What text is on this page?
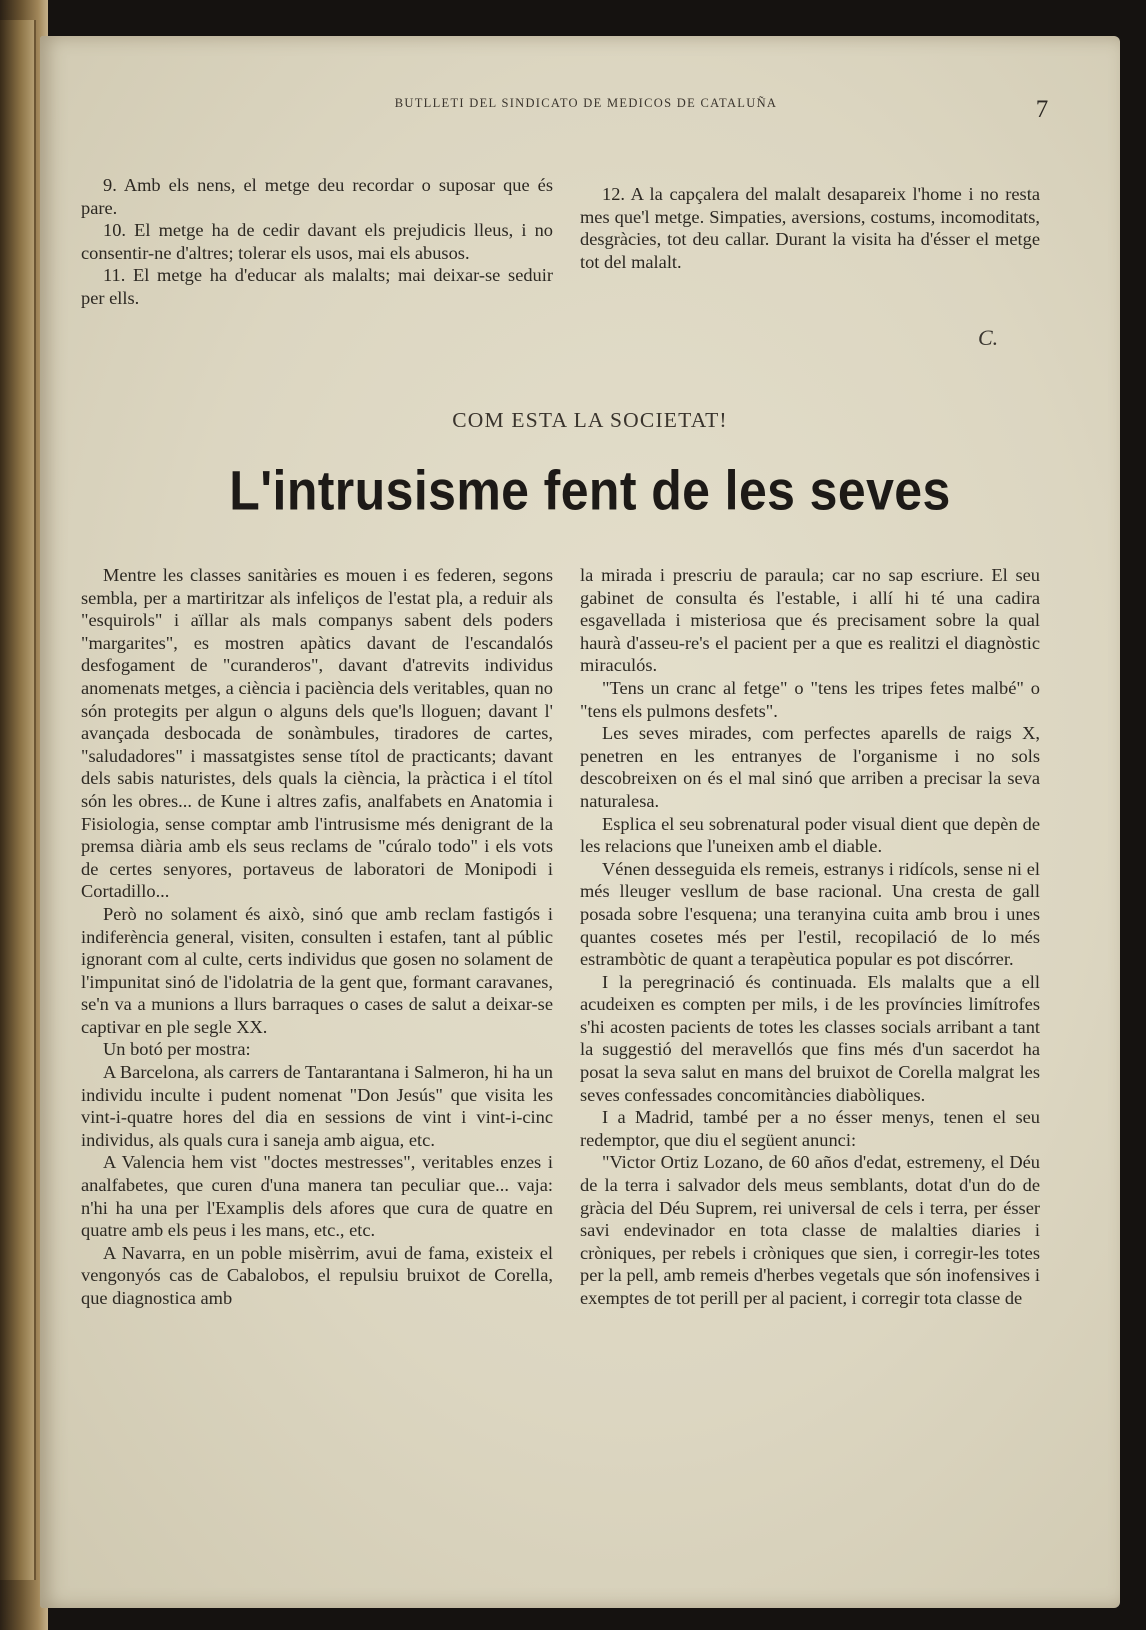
BUTLLETI DEL SINDICATO DE MEDICOS DE CATALUÑA	7

9. Amb els nens, el metge deu recordar o suposar que és pare.

10. El metge ha de cedir davant els prejudicis lleus, i no consentir-ne d'altres; tolerar els usos, mai els abusos.

11. El metge ha d'educar als malalts; mai deixar-se seduir per ells.

12. A la capçalera del malalt desapareix l'home i no resta mes que'l metge. Simpaties, aversions, costums, incomoditats, desgràcies, tot deu callar. Durant la visita ha d'ésser el metge tot del malalt.

C.
COM ESTA LA SOCIETAT!
L'intrusisme fent de les seves

Mentre les classes sanitàries es mouen i es federen, segons sembla, per a martiritzar als infeliços de l'estat pla, a reduir als "esquirols" i aïllar als mals companys sabent dels poders "margarites", es mostren apàtics davant de l'escandalós desfogament de "curanderos", davant d'atrevits individus anomenats metges, a ciència i paciència dels veritables, quan no són protegits per algun o alguns dels que'ls lloguen; davant l' avançada desbocada de sonàmbules, tiradores de cartes, "saludadores" i massatgistes sense títol de practicants; davant dels sabis naturistes, dels quals la ciència, la pràctica i el títol són les obres... de Kune i altres zafis, analfabets en Anatomia i Fisiologia, sense comptar amb l'intrusisme més denigrant de la premsa diària amb els seus reclams de "cúralo todo" i els vots de certes senyores, portaveus de laboratori de Monipodi i Cortadillo...

Però no solament és això, sinó que amb reclam fastigós i indiferència general, visiten, consulten i estafen, tant al públic ignorant com al culte, certs individus que gosen no solament de l'impunitat sinó de l'idolatria de la gent que, formant caravanes, se'n va a munions a llurs barraques o cases de salut a deixar-se captivar en ple segle XX.

Un botó per mostra:

A Barcelona, als carrers de Tantarantana i Salmeron, hi ha un individu inculte i pudent nomenat "Don Jesús" que visita les vint-i-quatre hores del dia en sessions de vint i vint-i-cinc individus, als quals cura i saneja amb aigua, etc.

A Valencia hem vist "doctes mestresses", veritables enzes i analfabetes, que curen d'una manera tan peculiar que... vaja: n'hi ha una per l'Examplis dels afores que cura de quatre en quatre amb els peus i les mans, etc., etc.

A Navarra, en un poble misèrrim, avui de fama, existeix el vengonyós cas de Cabalobos, el repulsiu bruixot de Corella, que diagnostica amb

la mirada i prescriu de paraula; car no sap escriure. El seu gabinet de consulta és l'estable, i allí hi té una cadira esgavellada i misteriosa que és precisament sobre la qual haurà d'asseu-re's el pacient per a que es realitzi el diagnòstic miraculós.

"Tens un cranc al fetge" o "tens les tripes fetes malbé" o "tens els pulmons desfets".

Les seves mirades, com perfectes aparells de raigs X, penetren en les entranyes de l'organisme i no sols descobreixen on és el mal sinó que arriben a precisar la seva naturalesa.

Esplica el seu sobrenatural poder visual dient que depèn de les relacions que l'uneixen amb el diable.

Vénen desseguida els remeis, estranys i ridícols, sense ni el més lleuger vesllum de base racional. Una cresta de gall posada sobre l'esquena; una teranyina cuita amb brou i unes quantes cosetes més per l'estil, recopilació de lo més estrambòtic de quant a terapèutica popular es pot discórrer.

I la peregrinació és continuada. Els malalts que a ell acudeixen es compten per mils, i de les províncies limítrofes s'hi acosten pacients de totes les classes socials arribant a tant la suggestió del meravellós que fins més d'un sacerdot ha posat la seva salut en mans del bruixot de Corella malgrat les seves confessades concomitàncies diabòliques.

I a Madrid, també per a no ésser menys, tenen el seu redemptor, que diu el següent anunci:

"Victor Ortiz Lozano, de 60 años d'edat, estremeny, el Déu de la terra i salvador dels meus semblants, dotat d'un do de gràcia del Déu Suprem, rei universal de cels i terra, per ésser savi endevinador en tota classe de malalties diaries i cròniques, per rebels i cròniques que sien, i corregir-les totes per la pell, amb remeis d'herbes vegetals que són inofensives i exemptes de tot perill per al pacient, i corregir tota classe de
